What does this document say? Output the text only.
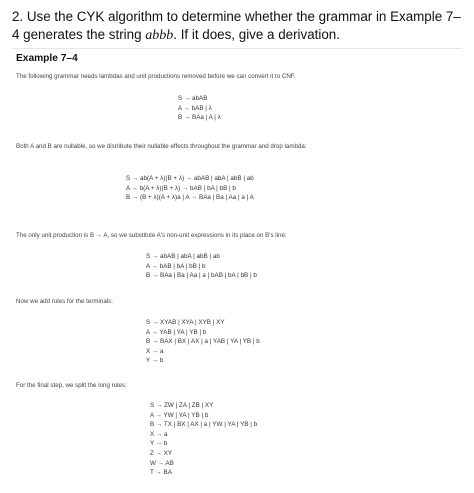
2. Use the CYK algorithm to determine whether the grammar in Example 7–4 generates the string abbb. If it does, give a derivation.
Example 7–4
The following grammar needs lambdas and unit productions removed before we can convert it to CNF.
S → abAB
A → bAB | λ
B → BAa | A | λ
Both A and B are nullable, so we distribute their nullable effects throughout the grammar and drop lambda:
S → ab(A + λ)(B + λ) → abAB | abA | abB | ab
A → b(A + λ)(B + λ) → bAB | bA | bB | b
B → (B + λ)(A + λ)a | A → BAa | Ba | Aa | a | A
The only unit production is B → A, so we substitute A's non-unit expressions in its place on B's line:
S → abAB | abA | abB | ab
A → bAB | bA | bB | b
B → BAa | Ba | Aa | a | bAB | bA | bB | b
Now we add rules for the terminals:
S → XYAB | XYA | XYB | XY
A → YAB | YA | YB | b
B → BAX | BX | AX | a | YAB | YA | YB | b
X → a
Y → b
For the final step, we split the long rules:
S → ZW | ZA | ZB | XY
A → YW | YA | YB | b
B → TX | BX | AX | a | YW | YA | YB | b
X → a
Y → b
Z → XY
W → AB
T → BA
